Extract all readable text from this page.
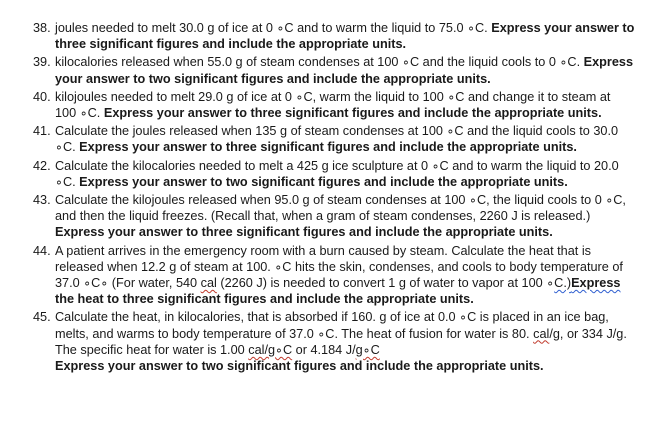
38. joules needed to melt 30.0 g of ice at 0 ∘C and to warm the liquid to 75.0 ∘C. Express your answer to three significant figures and include the appropriate units.
39. kilocalories released when 55.0 g of steam condenses at 100 ∘C and the liquid cools to 0 ∘C. Express your answer to two significant figures and include the appropriate units.
40. kilojoules needed to melt 29.0 g of ice at 0 ∘C, warm the liquid to 100 ∘C and change it to steam at 100 ∘C. Express your answer to three significant figures and include the appropriate units.
41. Calculate the joules released when 135 g of steam condenses at 100 ∘C and the liquid cools to 30.0 ∘C. Express your answer to three significant figures and include the appropriate units.
42. Calculate the kilocalories needed to melt a 425 g ice sculpture at 0 ∘C and to warm the liquid to 20.0 ∘C. Express your answer to two significant figures and include the appropriate units.
43. Calculate the kilojoules released when 95.0 g of steam condenses at 100 ∘C, the liquid cools to 0 ∘C, and then the liquid freezes. (Recall that, when a gram of steam condenses, 2260 J is released.) Express your answer to three significant figures and include the appropriate units.
44. A patient arrives in the emergency room with a burn caused by steam. Calculate the heat that is released when 12.2 g of steam at 100. ∘C hits the skin, condenses, and cools to body temperature of 37.0 ∘C∘ (For water, 540 cal (2260 J) is needed to convert 1 g of water to vapor at 100 ∘C.)Express the heat to three significant figures and include the appropriate units.
45. Calculate the heat, in kilocalories, that is absorbed if 160. g of ice at 0.0 ∘C is placed in an ice bag, melts, and warms to body temperature of 37.0 ∘C. The heat of fusion for water is 80. cal/g, or 334 J/g. The specific heat for water is 1.00 cal/g∘C or 4.184 J/g∘C
Express your answer to two significant figures and include the appropriate units.
